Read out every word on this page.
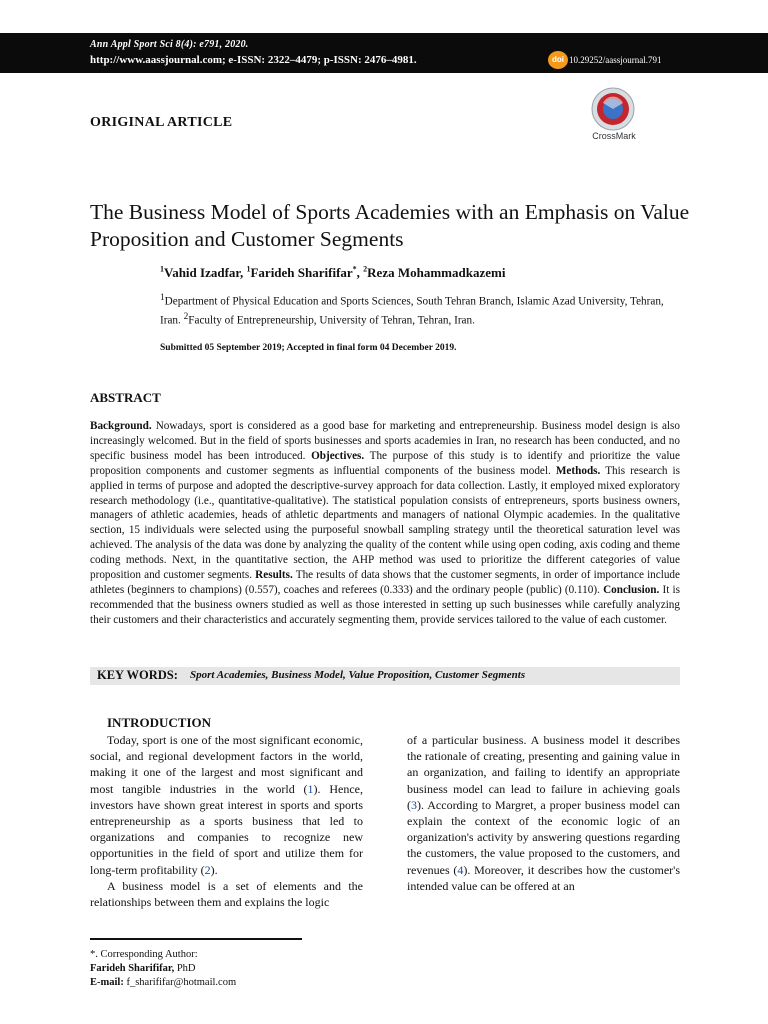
Ann Appl Sport Sci 8(4): e791, 2020.
http://www.aassjournal.com; e-ISSN: 2322–4479; p-ISSN: 2476–4981.	doi 10.29252/aassjournal.791
ORIGINAL ARTICLE
CrossMark
The Business Model of Sports Academies with an Emphasis on Value Proposition and Customer Segments
$^1$Vahid Izadfar, $^1$Farideh Sharififar*, $^2$Reza Mohammadkazemi
$^1$Department of Physical Education and Sports Sciences, South Tehran Branch, Islamic Azad University, Tehran, Iran. $^2$Faculty of Entrepreneurship, University of Tehran, Tehran, Iran.
Submitted 05 September 2019; Accepted in final form 04 December 2019.
ABSTRACT
Background. Nowadays, sport is considered as a good base for marketing and entrepreneurship. Business model design is also increasingly welcomed. But in the field of sports businesses and sports academies in Iran, no research has been conducted, and no specific business model has been introduced. Objectives. The purpose of this study is to identify and prioritize the value proposition components and customer segments as influential components of the business model. Methods. This research is applied in terms of purpose and adopted the descriptive-survey approach for data collection. Lastly, it employed mixed exploratory research methodology (i.e., quantitative-qualitative). The statistical population consists of entrepreneurs, sports business owners, managers of athletic academies, heads of athletic departments and managers of national Olympic academies. In the qualitative section, 15 individuals were selected using the purposeful snowball sampling strategy until the theoretical saturation level was achieved. The analysis of the data was done by analyzing the quality of the content while using open coding, axis coding and theme coding methods. Next, in the quantitative section, the AHP method was used to prioritize the different categories of value proposition and customer segments. Results. The results of data shows that the customer segments, in order of importance include athletes (beginners to champions) (0.557), coaches and referees (0.333) and the ordinary people (public) (0.110). Conclusion. It is recommended that the business owners studied as well as those interested in setting up such businesses while carefully analyzing their customers and their characteristics and accurately segmenting them, provide services tailored to the value of each customer.
KEY WORDS: Sport Academies, Business Model, Value Proposition, Customer Segments
INTRODUCTION

Today, sport is one of the most significant economic, social, and regional development factors in the world, making it one of the largest and most significant and most tangible industries in the world (1). Hence, investors have shown great interest in sports and sports entrepreneurship as a sports business that led to organizations and companies to recognize new opportunities in the field of sport and utilize them for long-term profitability (2).

A business model is a set of elements and the relationships between them and explains the logic

of a particular business. A business model it describes the rationale of creating, presenting and gaining value in an organization, and failing to identify an appropriate business model can lead to failure in achieving goals (3). According to Margret, a proper business model can explain the context of the economic logic of an organization's activity by answering questions regarding the customers, the value proposed to the customers, and revenues (4). Moreover, it describes how the customer's intended value can be offered at an

*. Corresponding Author:
Farideh Sharififar, PhD
E-mail: f_sharififar@hotmail.com
